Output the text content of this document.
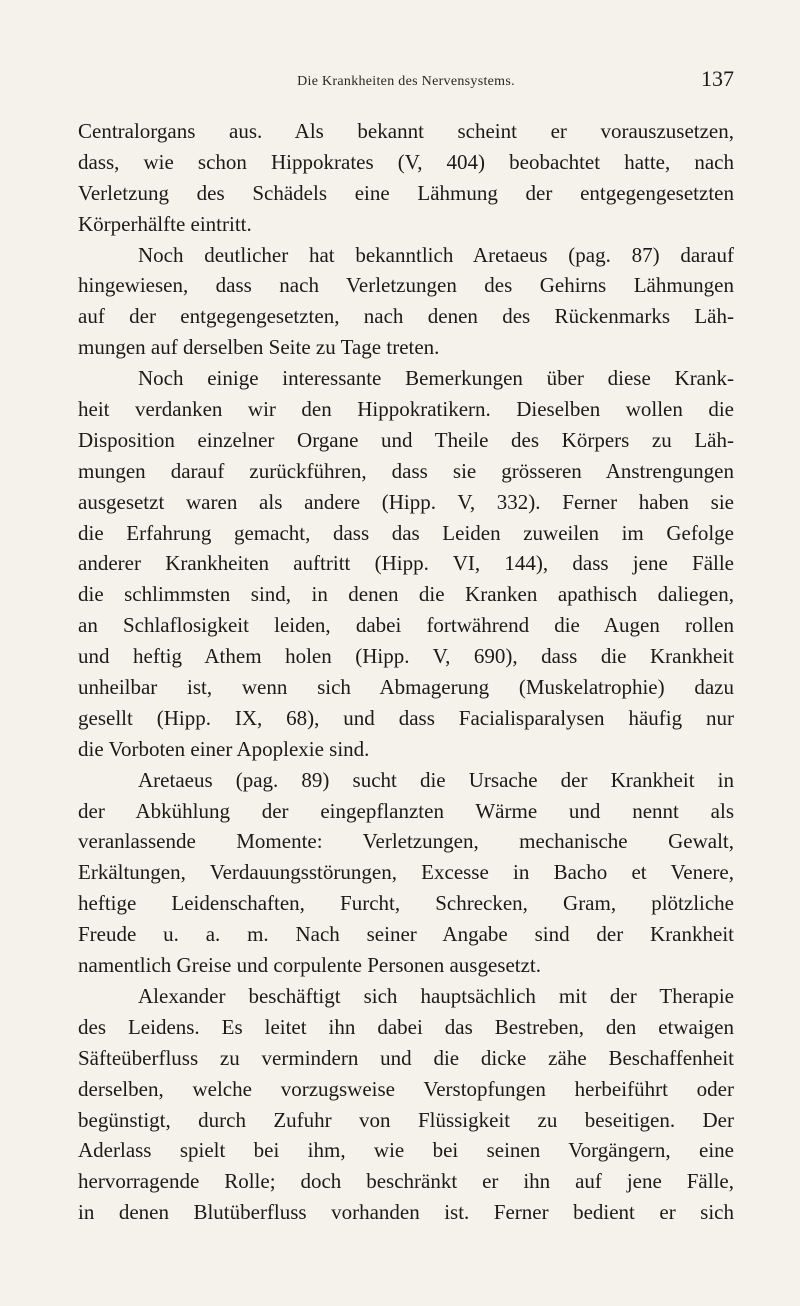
Die Krankheiten des Nervensystems.	137
Centralorgans aus. Als bekannt scheint er vorauszusetzen,
dass, wie schon Hippokrates (V, 404) beobachtet hatte, nach
Verletzung des Schädels eine Lähmung der entgegengesetzten
Körperhälfte eintritt.
Noch deutlicher hat bekanntlich Aretaeus (pag. 87) darauf
hingewiesen, dass nach Verletzungen des Gehirns Lähmungen
auf der entgegengesetzten, nach denen des Rückenmarks Läh-
mungen auf derselben Seite zu Tage treten.
Noch einige interessante Bemerkungen über diese Krank-
heit verdanken wir den Hippokratikern. Dieselben wollen die
Disposition einzelner Organe und Theile des Körpers zu Läh-
mungen darauf zurückführen, dass sie grösseren Anstrengungen
ausgesetzt waren als andere (Hipp. V, 332). Ferner haben sie
die Erfahrung gemacht, dass das Leiden zuweilen im Gefolge
anderer Krankheiten auftritt (Hipp. VI, 144), dass jene Fälle
die schlimmsten sind, in denen die Kranken apathisch daliegen,
an Schlaflosigkeit leiden, dabei fortwährend die Augen rollen
und heftig Athem holen (Hipp. V, 690), dass die Krankheit
unheilbar ist, wenn sich Abmagerung (Muskelatrophie) dazu
gesellt (Hipp. IX, 68), und dass Facialisparalysen häufig nur
die Vorboten einer Apoplexie sind.
Aretaeus (pag. 89) sucht die Ursache der Krankheit in
der Abkühlung der eingepflanzten Wärme und nennt als
veranlassende Momente: Verletzungen, mechanische Gewalt,
Erkältungen, Verdauungsstörungen, Excesse in Bacho et Venere,
heftige Leidenschaften, Furcht, Schrecken, Gram, plötzliche
Freude u. a. m. Nach seiner Angabe sind der Krankheit
namentlich Greise und corpulente Personen ausgesetzt.
Alexander beschäftigt sich hauptsächlich mit der Therapie
des Leidens. Es leitet ihn dabei das Bestreben, den etwaigen
Säfteüberfluss zu vermindern und die dicke zähe Beschaffenheit
derselben, welche vorzugsweise Verstopfungen herbeiführt oder
begünstigt, durch Zufuhr von Flüssigkeit zu beseitigen. Der
Aderlass spielt bei ihm, wie bei seinen Vorgängern, eine
hervorragende Rolle; doch beschränkt er ihn auf jene Fälle,
in denen Blutüberfluss vorhanden ist. Ferner bedient er sich
